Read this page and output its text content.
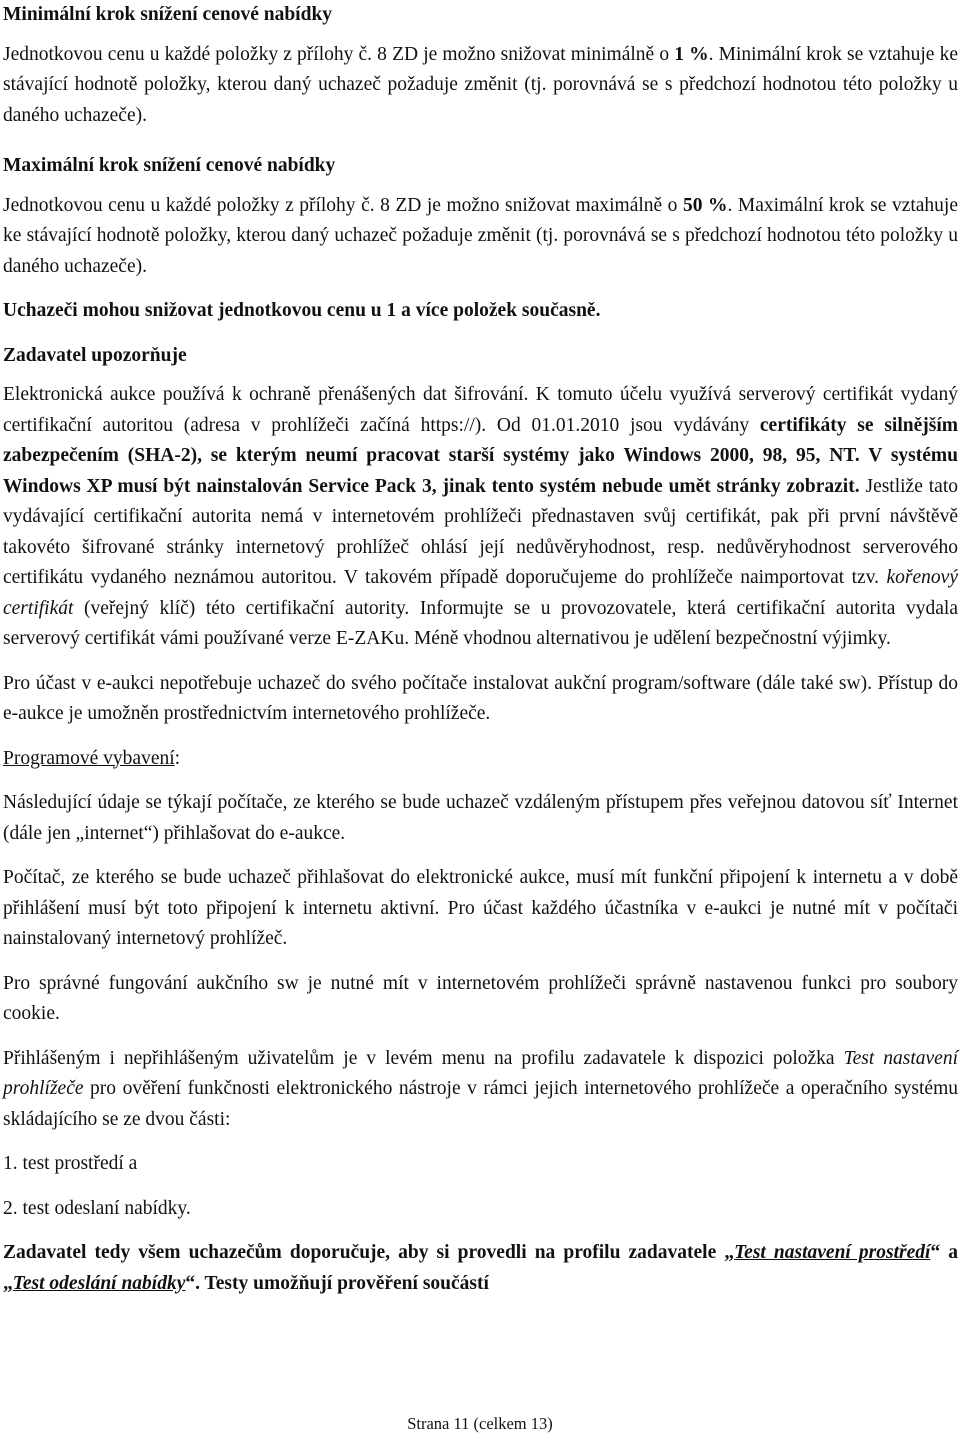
Minimální krok snížení cenové nabídky

Jednotkovou cenu u každé položky z přílohy č. 8 ZD je možno snižovat minimálně o 1 %. Minimální krok se vztahuje ke stávající hodnotě položky, kterou daný uchazeč požaduje změnit (tj. porovnává se s předchozí hodnotou této položky u daného uchazeče).

Maximální krok snížení cenové nabídky

Jednotkovou cenu u každé položky z přílohy č. 8 ZD je možno snižovat maximálně o 50 %. Maximální krok se vztahuje ke stávající hodnotě položky, kterou daný uchazeč požaduje změnit (tj. porovnává se s předchozí hodnotou této položky u daného uchazeče).

Uchazeči mohou snižovat jednotkovou cenu u 1 a více položek současně.

Zadavatel upozorňuje

Elektronická aukce používá k ochraně přenášených dat šifrování. K tomuto účelu využívá serverový certifikát vydaný certifikační autoritou (adresa v prohlížeči začíná https://). Od 01.01.2010 jsou vydávány certifikáty se silnějším zabezpečením (SHA-2), se kterým neumí pracovat starší systémy jako Windows 2000, 98, 95, NT. V systému Windows XP musí být nainstalován Service Pack 3, jinak tento systém nebude umět stránky zobrazit. Jestliže tato vydávající certifikační autorita nemá v internetovém prohlížeči přednastaven svůj certifikát, pak při první návštěvě takovéto šifrované stránky internetový prohlížeč ohlásí její nedůvěryhodnost, resp. nedůvěryhodnost serverového certifikátu vydaného neznámou autoritou. V takovém případě doporučujeme do prohlížeče naimportovat tzv. kořenový certifikát (veřejný klíč) této certifikační autority. Informujte se u provozovatele, která certifikační autorita vydala serverový certifikát vámi používané verze E-ZAKu. Méně vhodnou alternativou je udělení bezpečnostní výjimky.

Pro účast v e-aukci nepotřebuje uchazeč do svého počítače instalovat aukční program/software (dále také sw). Přístup do e-aukce je umožněn prostřednictvím internetového prohlížeče.

Programové vybavení:

Následující údaje se týkají počítače, ze kterého se bude uchazeč vzdáleným přístupem přes veřejnou datovou síť Internet (dále jen „internet“) přihlašovat do e-aukce.

Počítač, ze kterého se bude uchazeč přihlašovat do elektronické aukce, musí mít funkční připojení k internetu a v době přihlášení musí být toto připojení k internetu aktivní. Pro účast každého účastníka v e-aukci je nutné mít v počítači nainstalovaný internetový prohlížeč.

Pro správné fungování aukčního sw je nutné mít v internetovém prohlížeči správně nastavenou funkci pro soubory cookie.

Přihlášeným i nepřihlášeným uživatelům je v levém menu na profilu zadavatele k dispozici položka Test nastavení prohlížeče pro ověření funkčnosti elektronického nástroje v rámci jejich internetového prohlížeče a operačního systému skládajícího se ze dvou části:

1. test prostředí a

2. test odeslaní nabídky.

Zadavatel tedy všem uchazečům doporučuje, aby si provedli na profilu zadavatele „Test nastavení prostředí“ a „Test odeslání nabídky“. Testy umožňují prověření součástí

Strana 11 (celkem 13)
